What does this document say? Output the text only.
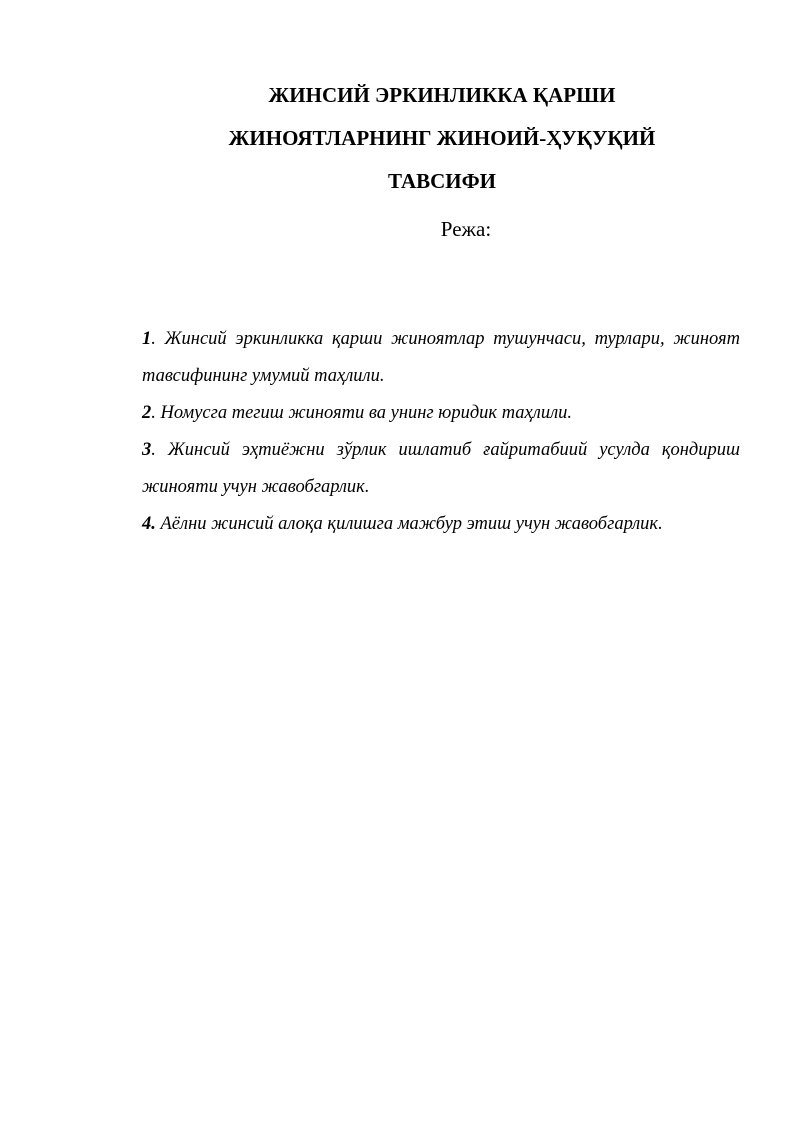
ЖИНСИЙ ЭРКИНЛИККА ҚАРШИ
ЖИНОЯТЛАРНИНГ ЖИНОИЙ-ҲУҚУҚИЙ
ТАВСИФИ
Режа:

1. Жинсий эркинликка қарши жиноятлар тушунчаси, турлари, жиноят тавсифининг умумий таҳлили.

2. Номусга тегиш жинояти ва унинг юридик таҳлили.

3. Жинсий эҳтиёжни зўрлик ишлатиб ғайритабиий усулда қондириш жинояти учун жавобгарлик.

4. Аёлни жинсий алоқа қилишга мажбур этиш учун жавобгарлик.
